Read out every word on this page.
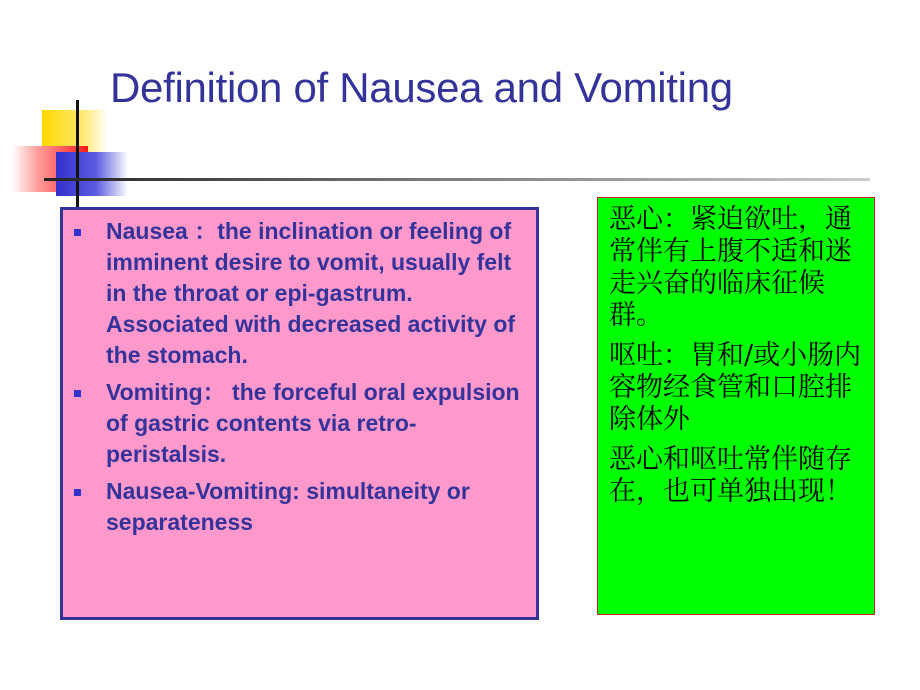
Definition of Nausea and Vomiting
Nausea ：the inclination or feeling of imminent desire to vomit, usually felt in the throat or epi-gastrum. Associated with decreased activity of the stomach.
Vomiting： the forceful oral expulsion of gastric contents via retro-peristalsis.
Nausea-Vomiting: simultaneity or separateness

恶心：紧迫欲吐，通常伴有上腹不适和迷走兴奋的临床征候群。

呕吐：胃和/或小肠内容物经食管和口腔排除体外

恶心和呕吐常伴随存在，也可单独出现！
